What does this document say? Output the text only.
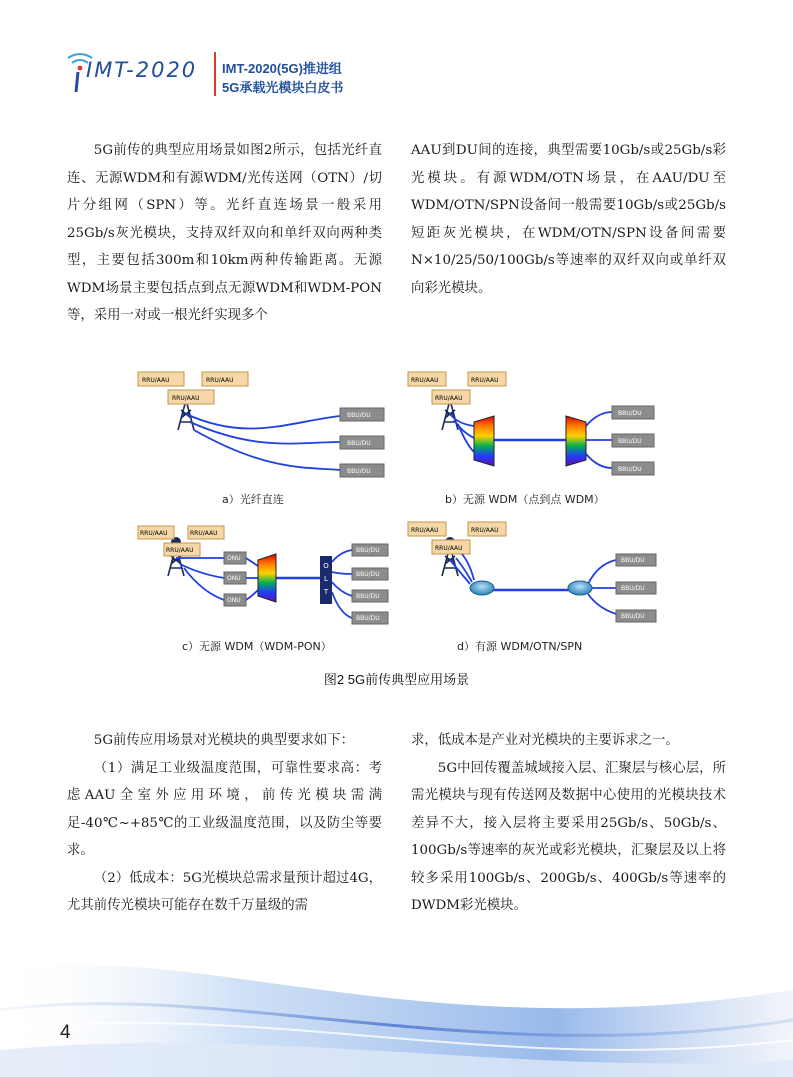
IMT-2020 IMT-2020(5G)推进组
5G承载光模块白皮书

5G前传的典型应用场景如图2所示，包括光纤直连、无源WDM和有源WDM/光传送网（OTN）/切片分组网（SPN）等。光纤直连场景一般采用25Gb/s灰光模块，支持双纤双向和单纤双向两种类型，主要包括300m和10km两种传输距离。无源WDM场景主要包括点到点无源WDM和WDM-PON等，采用一对或一根光纤实现多个

AAU到DU间的连接，典型需要10Gb/s或25Gb/s彩光模块。有源WDM/OTN场景，在AAU/DU至WDM/OTN/SPN设备间一般需要10Gb/s或25Gb/s短距灰光模块，在WDM/OTN/SPN设备间需要N×10/25/50/100Gb/s等速率的双纤双向或单纤双向彩光模块。

RRU/AAU	RRU/AAU
RRU/AAU
BBU/DU
BBU/DU
BBU/DU
RRU/AAU	RRU/AAU
RRU/AAU
BBU/DU
BBU/DU
BBU/DU
RRU/AAU	RRU/AAU
RRU/AAU
ONU
ONU
ONU
O
L
T
BBU/DU
BBU/DU
BBU/DU
BBU/DU
RRU/AAU	RRU/AAU
RRU/AAU
BBU/DU
BBU/DU
BBU/DU
a）光纤直连	b）无源 WDM（点到点 WDM）
c）无源 WDM（WDM-PON）	d）有源 WDM/OTN/SPN
图2 5G前传典型应用场景

5G前传应用场景对光模块的典型要求如下：

（1）满足工业级温度范围，可靠性要求高：考虑AAU全室外应用环境，前传光模块需满足-40℃~+85℃的工业级温度范围，以及防尘等要求。

（2）低成本：5G光模块总需求量预计超过4G，尤其前传光模块可能存在数千万量级的需

求，低成本是产业对光模块的主要诉求之一。

5G中回传覆盖城域接入层、汇聚层与核心层，所需光模块与现有传送网及数据中心使用的光模块技术差异不大，接入层将主要采用25Gb/s、50Gb/s、100Gb/s等速率的灰光或彩光模块，汇聚层及以上将较多采用100Gb/s、200Gb/s、400Gb/s等速率的DWDM彩光模块。

4
